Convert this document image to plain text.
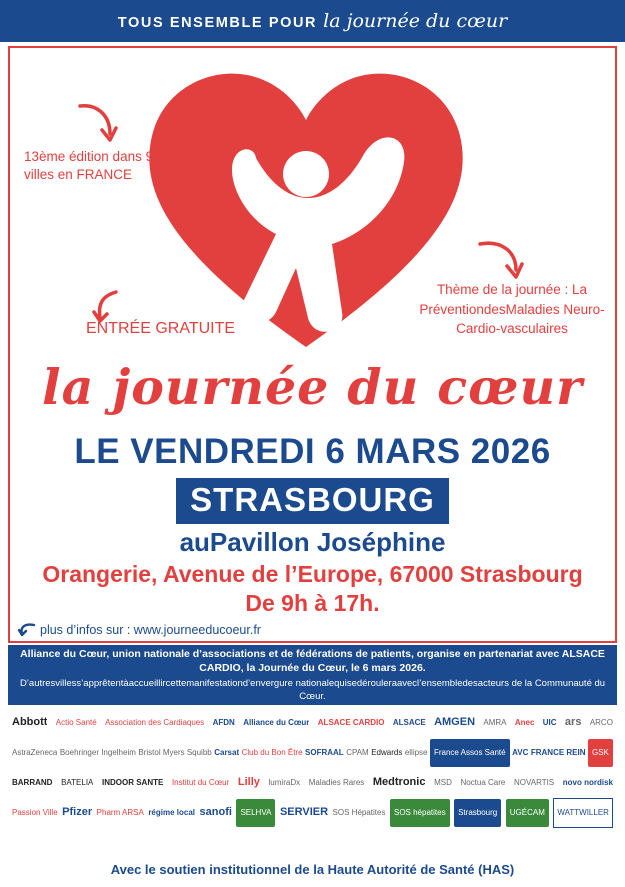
TOUS ENSEMBLE POUR la journée du cœur
13ème édition dans 9 villes en FRANCE
ENTRÉE GRATUITE
Thème de la journée : La PréventiondesMaladies Neuro-Cardio-vasculaires
la journée du cœur
LE VENDREDI 6 MARS 2026
STRASBOURG
auPavillon Joséphine
Orangerie, Avenue de l’Europe, 67000 Strasbourg
De 9h à 17h.
plus d’infos sur : www.journeeducoeur.fr
Alliance du Cœur, union nationale d’associations et de fédérations de patients, organise en partenariat avec ALSACE CARDIO, la Journée du Cœur, le 6 mars 2026.
D’autresvilless’apprêtentàaccueillircettemanifestationd’envergure nationalequisedérouleraavecl’ensembledesacteurs de la Communauté du Cœur.
Abbott Actio Santé Association des Cardiaques AFDN Alliance du Cœur ALSACE CARDIO ALSACE AMGEN AMRA Anec UIC ars ARCO
AstraZeneca Boehringer Ingelheim Bristol Myers Squibb Carsat Club du Bon Être SOFRAAL CPAM Edwards ellipse France Assos Santé AVC FRANCE REIN GSK
BARRAND BATELIA INDOOR SANTE Institut du Cœur Lilly lumiraDx Maladies Rares Medtronic MSD Noctua Care NOVARTIS novo nordisk
Passion Ville Pfizer Pharm ARSA régime local sanofi	SELHVA SERVIER SOS Hépatites	SOS hépatites	Strasbourg	UGÉCAM	WATTWILLER
Avec le soutien institutionnel de la Haute Autorité de Santé (HAS)
